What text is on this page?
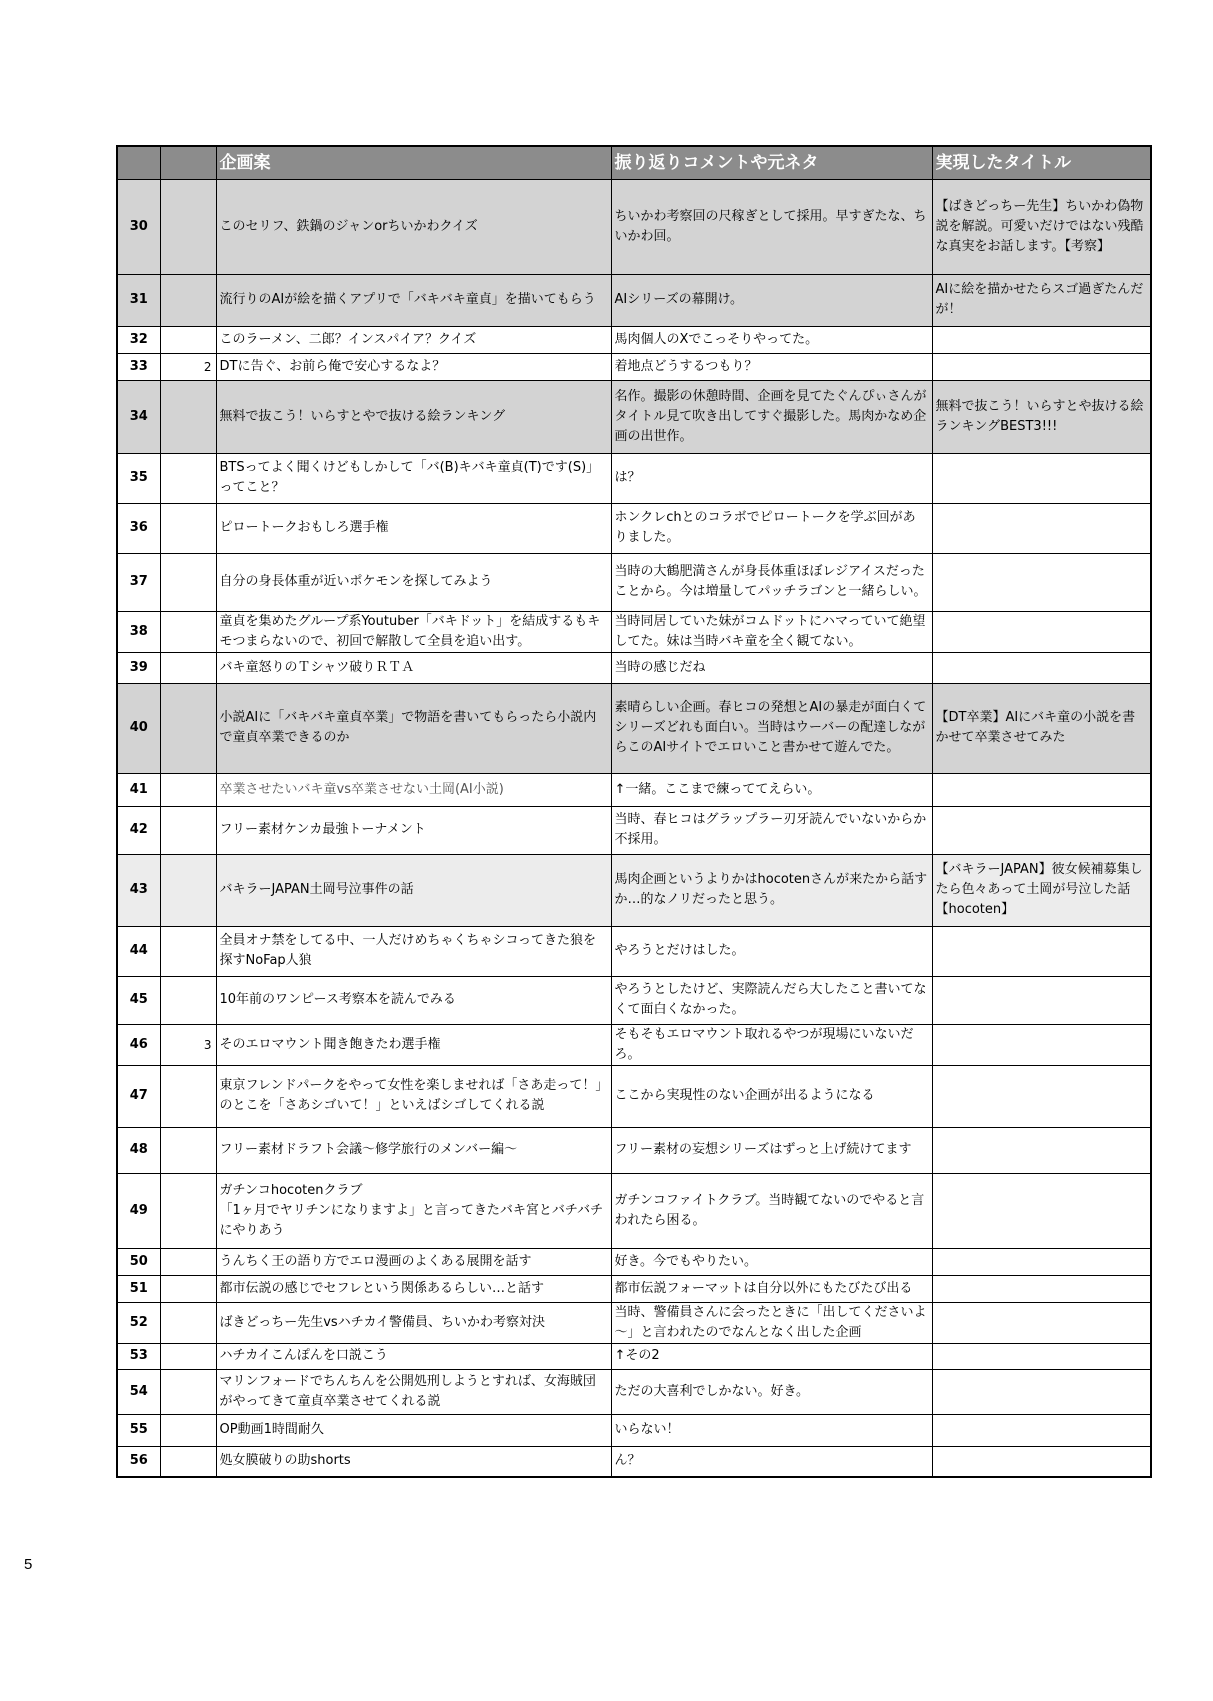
		企画案	振り返りコメントや元ネタ	実現したタイトル
30		このセリフ、鉄鍋のジャンorちいかわクイズ	ちいかわ考察回の尺稼ぎとして採用。早すぎたな、ちいかわ回。	【ばきどっちー先生】ちいかわ偽物説を解説。可愛いだけではない残酷な真実をお話します。【考察】
31		流行りのAIが絵を描くアプリで「バキバキ童貞」を描いてもらう	AIシリーズの幕開け。	AIに絵を描かせたらスゴ過ぎたんだが！
32		このラーメン、二郎？インスパイア？クイズ	馬肉個人のXでこっそりやってた。	
33	2	DTに告ぐ、お前ら俺で安心するなよ？	着地点どうするつもり？	
34		無料で抜こう！いらすとやで抜ける絵ランキング	名作。撮影の休憩時間、企画を見てたぐんぴぃさんがタイトル見て吹き出してすぐ撮影した。馬肉かなめ企画の出世作。	無料で抜こう！いらすとや抜ける絵ランキングBEST3!!!
35		BTSってよく聞くけどもしかして「バ(B)キバキ童貞(T)です(S)」ってこと？	は？	
36		ピロートークおもしろ選手権	ホンクレchとのコラボでピロートークを学ぶ回がありました。	
37		自分の身長体重が近いポケモンを探してみよう	当時の大鶴肥満さんが身長体重ほぼレジアイスだったことから。今は増量してパッチラゴンと一緒らしい。	
38		童貞を集めたグループ系Youtuber「バキドット」を結成するもキモつまらないので、初回で解散して全員を追い出す。	当時同居していた妹がコムドットにハマっていて絶望してた。妹は当時バキ童を全く観てない。	
39		バキ童怒りのＴシャツ破りＲＴＡ	当時の感じだね	
40		小説AIに「バキバキ童貞卒業」で物語を書いてもらったら小説内で童貞卒業できるのか	素晴らしい企画。春ヒコの発想とAIの暴走が面白くてシリーズどれも面白い。当時はウーバーの配達しながらこのAIサイトでエロいこと書かせて遊んでた。	【DT卒業】AIにバキ童の小説を書かせて卒業させてみた
41		卒業させたいバキ童vs卒業させない土岡(AI小説)	↑一緒。ここまで練っててえらい。	
42		フリー素材ケンカ最強トーナメント	当時、春ヒコはグラップラー刃牙読んでいないからか不採用。	
43		バキラーJAPAN土岡号泣事件の話	馬肉企画というよりかはhocotenさんが来たから話すか…的なノリだったと思う。	【バキラーJAPAN】彼女候補募集したら色々あって土岡が号泣した話【hocoten】
44		全員オナ禁をしてる中、一人だけめちゃくちゃシコってきた狼を探すNoFap人狼	やろうとだけはした。	
45		10年前のワンピース考察本を読んでみる	やろうとしたけど、実際読んだら大したこと書いてなくて面白くなかった。	
46	3	そのエロマウント聞き飽きたわ選手権	そもそもエロマウント取れるやつが現場にいないだろ。	
47		東京フレンドパークをやって女性を楽しませれば「さあ走って！」のとこを「さあシゴいて！」といえばシゴしてくれる説	ここから実現性のない企画が出るようになる	
48		フリー素材ドラフト会議～修学旅行のメンバー編～	フリー素材の妄想シリーズはずっと上げ続けてます	
49		ガチンコhocotenクラブ
「1ヶ月でヤリチンになりますよ」と言ってきたバキ宮とバチバチにやりあう	ガチンコファイトクラブ。当時観てないのでやると言われたら困る。	
50		うんちく王の語り方でエロ漫画のよくある展開を話す	好き。今でもやりたい。	
51		都市伝説の感じでセフレという関係あるらしい…と話す	都市伝説フォーマットは自分以外にもたびたび出る	
52		ばきどっちー先生vsハチカイ警備員、ちいかわ考察対決	当時、警備員さんに会ったときに「出してくださいよ～」と言われたのでなんとなく出した企画	
53		ハチカイこんぽんを口説こう	↑その2	
54		マリンフォードでちんちんを公開処刑しようとすれば、女海賊団がやってきて童貞卒業させてくれる説	ただの大喜利でしかない。好き。	
55		OP動画1時間耐久	いらない！	
56		処女膜破りの助shorts	ん？	
5
